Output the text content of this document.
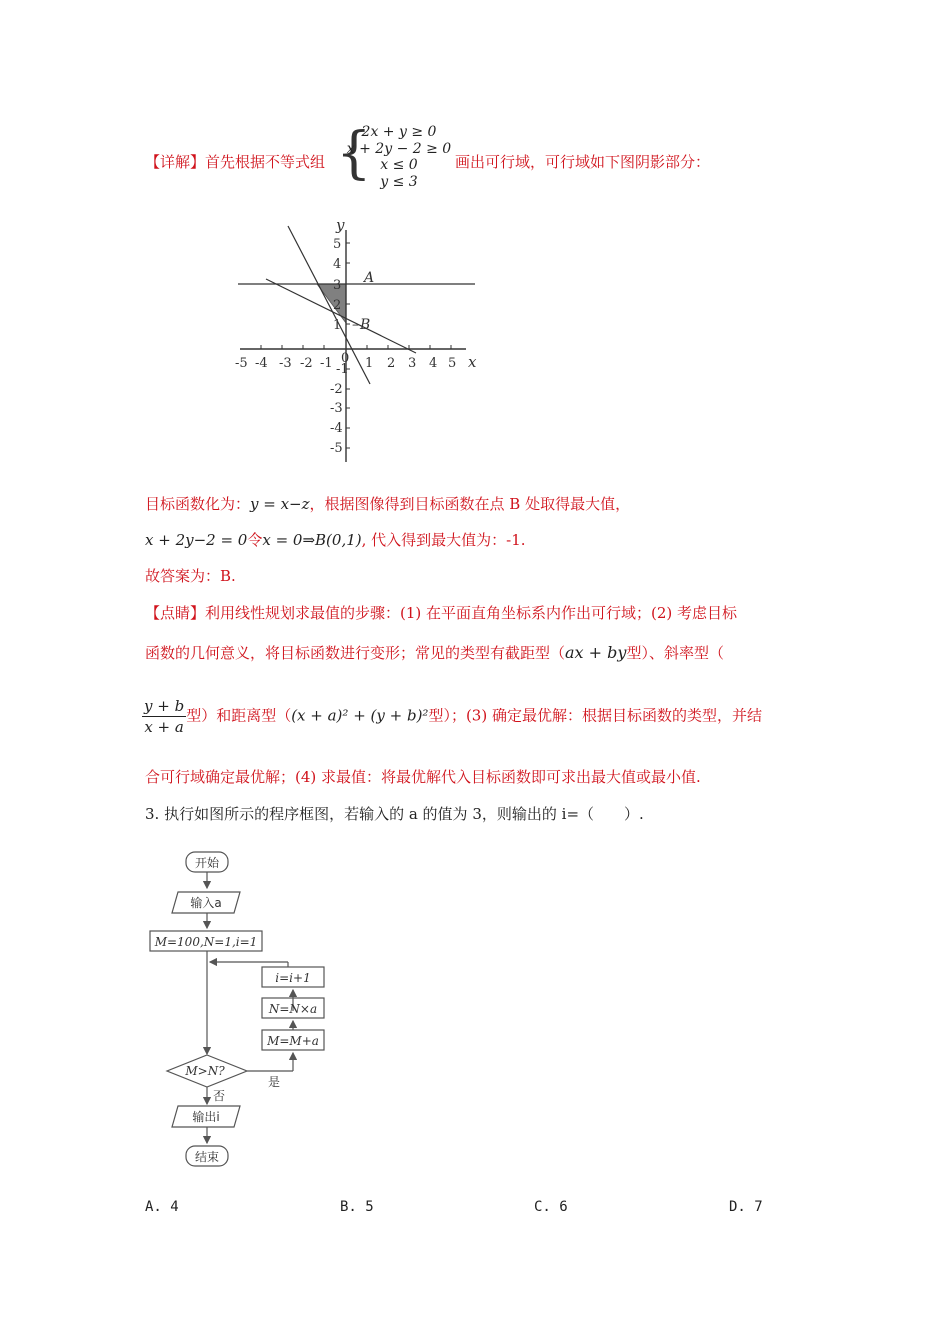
【详解】首先根据不等式组 {
2x + y ≥ 0
x + 2y − 2 ≥ 0
x ≤ 0
y ≤ 3
画出可行域，可行域如下图阴影部分：
-5 -4 -3 -2 -1 1 2 3 4 5
0
5
4
3
2
1
-1
-2
-3
-4
-5
y
x
A
– B
目标函数化为：y = x−z，根据图像得到目标函数在点 B 处取得最大值，
x + 2y−2 = 0令x = 0⇒B(0,1), 代入得到最大值为：-1.
故答案为：B.
【点睛】利用线性规划求最值的步骤：(1) 在平面直角坐标系内作出可行域；(2) 考虑目标
函数的几何意义，将目标函数进行变形；常见的类型有截距型（ax + by型）、斜率型（
$\frac{y + b}{x + a}$ 型）和距离型（(x + a)² + (y + b)²型）；(3) 确定最优解：根据目标函数的类型，并结
合可行域确定最优解；(4) 求最值：将最优解代入目标函数即可求出最大值或最小值.
3. 执行如图所示的程序框图，若输入的 a 的值为 3，则输出的 i=（　　）.
开始
输入a
M=100,N=1,i=1
i=i+1
N=N×a
M=M+a
M>N?
是
否
输出i
结束
A. 4	B. 5	C. 6	D. 7
